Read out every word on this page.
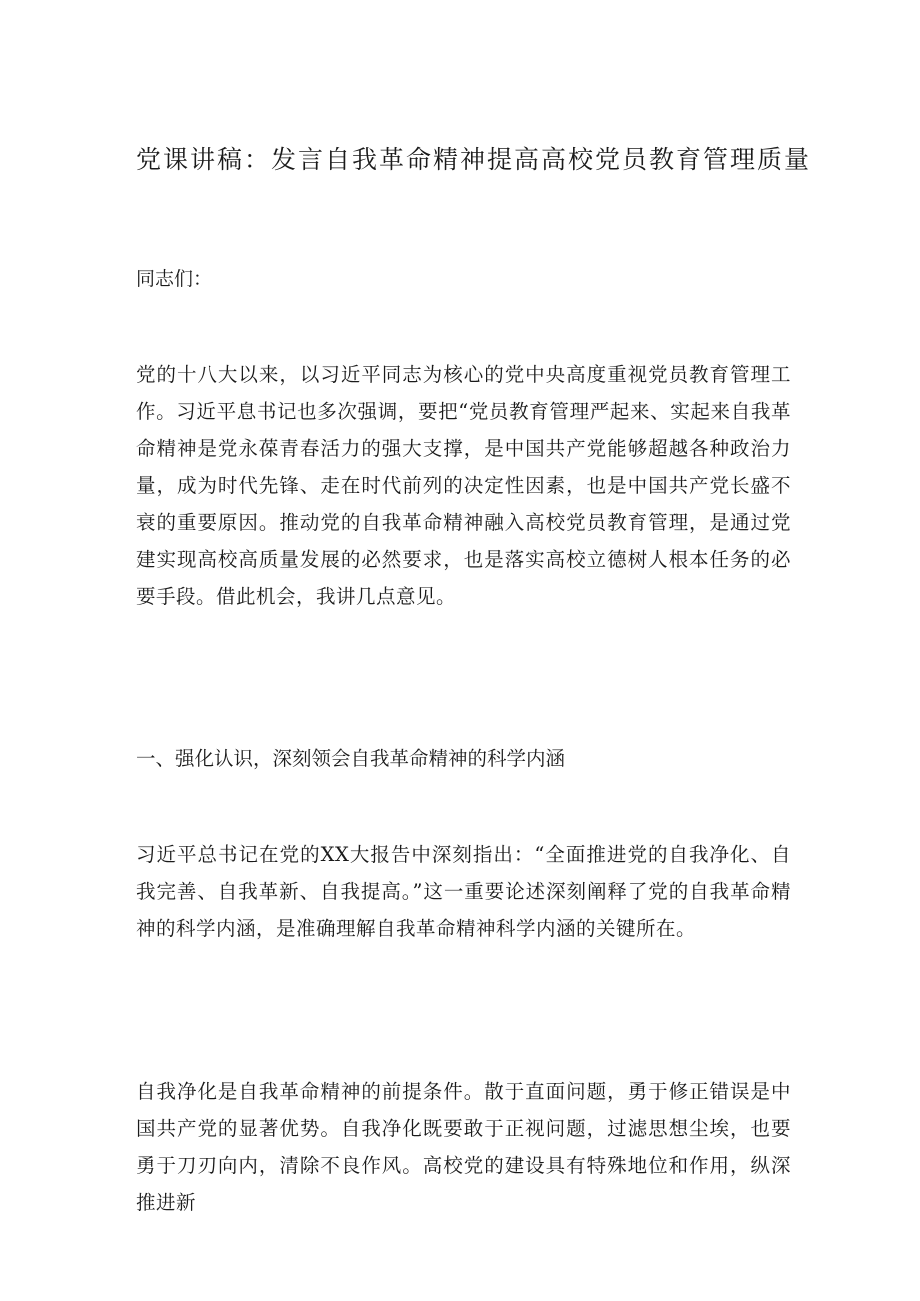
党课讲稿：发言自我革命精神提高高校党员教育管理质量

同志们：

党的十八大以来，以习近平同志为核心的党中央高度重视党员教育管理工作。习近平息书记也多次强调，要把“党员教育管理严起来、实起来自我革命精神是党永葆青春活力的强大支撑，是中国共产党能够超越各种政治力量，成为时代先锋、走在时代前列的决定性因素，也是中国共产党长盛不衰的重要原因。推动党的自我革命精神融入高校党员教育管理，是通过党建实现高校高质量发展的必然要求，也是落实高校立德树人根本任务的必要手段。借此机会，我讲几点意见。

一、强化认识，深刻领会自我革命精神的科学内涵

习近平总书记在党的XX大报告中深刻指出：“全面推进党的自我净化、自我完善、自我革新、自我提高。”这一重要论述深刻阐释了党的自我革命精神的科学内涵，是准确理解自我革命精神科学内涵的关键所在。

自我净化是自我革命精神的前提条件。散于直面问题，勇于修正错误是中国共产党的显著优势。自我净化既要敢于正视问题，过滤思想尘埃，也要勇于刀刃向内，清除不良作风。高校党的建设具有特殊地位和作用，纵深推进新
